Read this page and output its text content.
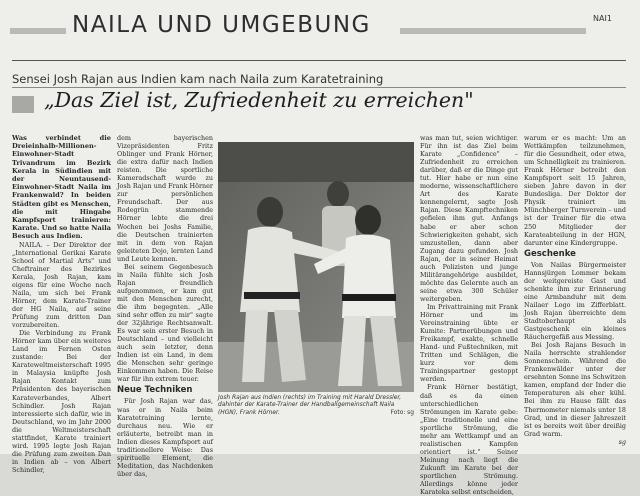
NAILA UND UMGEBUNG	NAI1
Sensei Josh Rajan aus Indien kam nach Naila zum Karatetraining
„Das Ziel ist, Zufriedenheit zu erreichen"

Was verbindet die Dreieinhalb-Millionen-Einwohner-Stadt Trivandrum im Bezirk Kerala in Südindien mit der Neuntausend-Einwohner-Stadt Naila im Frankenwald? In beiden Städten gibt es Menschen, die mit Hingabe Kampfsport trainieren: Karate. Und so hatte Naila Besuch aus Indien.

NAILA. – Der Direktor der „International Gerikai Karate School of Martial Arts" und Cheftrainer des Bezirkes Kerala, Josh Rajan, kam eigens für eine Woche nach Naila, um sich bei Frank Hörner, dem Karate-Trainer der HG Naila, auf seine Prüfung zum dritten Dan vorzubereiten.

Die Verbindung zu Frank Hörner kam über ein weiteres Land im Fernen Osten zustande: Bei der Karateweltmeisterschaft 1995 in Malaysia knüpfte Josh Rajan Kontakt zum Präsidenten des bayerischen Karateverbandes, Albert Schindler. Josh Rajan interessierte sich dafür, wie in Deutschland, wo im Jahr 2000 die Weltmeisterschaft stattfindet, Karate trainiert wird. 1995 legte Josh Rajan die Prüfung zum zweiten Dan in Indien ab – von Albert Schindler,

dem bayerischen Vizepräsidenten Fritz Oblinger und Frank Hörner, die extra dafür nach Indien reisten. Die sportliche Kameradschaft wurde zu Josh Rajan und Frank Hörner zur persönlichen Freundschaft. Der aus Rodegrün stammende Hörner lebte die drei Wochen bei Joshs Familie, die Deutschen trainierten mit in dem von Rajan geleiteten Dojo, lernten Land und Leute kennen.

Bei seinem Gegenbesuch in Naila fühlte sich Josh Rajan freundlich aufgenommen, er kam gut mit den Menschen zurecht, die ihm begegnten. „Alle sind sehr offen zu mir" sagte der 32jährige Rechtsanwalt. Es war sein erster Besuch in Deutschland – und vielleicht auch sein letzter, denn Indien ist ein Land, in dem die Menschen sehr geringe Einkommen haben. Die Reise war für ihn extrem teuer.

Neue Techniken

Für Josh Rajan war das, was er in Naila beim Karatetraining lernte, durchaus neu. Wie er erläuterte, betreibt man in Indien dieses Kampfsport auf traditionellere Weise: Das spirituelle Element, die Meditation, das Nachdenken über das,

Josh Rajan aus Indien (rechts) im Training mit Harald Dressler, dahinter der Karate-Trainer der Handballgemeinschaft Naila (HGN), Frank Hörner.	Foto: sg

was man tut, seien wichtiger. Für ihn ist das Ziel beim Karate „Confidence" – Zufriedenheit zu erreichen darüber, daß er die Dinge gut tut. Hier habe er nun eine moderne, wissenschaftlichere Art des Karate kennengelernt, sagte Josh Rajan. Diese Kampftechniken gefielen ihm gut. Anfangs habe er aber schon Schwierigkeiten gehabt, sich umzustellen, dann aber Zugang dazu gefunden. Josh Rajan, der in seiner Heimat auch Polizisten und junge Militärangehörige ausbildet, möchte das Gelernte auch an seine etwa 300 Schüler weitergeben.

Im Privattraining mit Frank Hörner und im Vereinstraining übte er Kumite: Partnerübungen und Freikampf, exakte, schnelle Hand- und Fußtechniken, mit Tritten und Schlägen, die kurz vor dem Trainingspartner gestoppt werden.

Frank Hörner bestätigt, daß es da einen unterschiedlichen Strömungen im Karate gebe: „Eine traditionelle und eine sportliche Strömung, die mehr am Wettkampf und an realistischen Kampfen orientiert ist." Seiner Meinung nach liegt die Zukunft im Karate bei der sportlichen Strömung. Allerdings könne jeder Karateka selbst entscheiden,

warum er es macht: Um an Wettkämpfen teilzunehmen, für die Gesundheit, oder etwa, um Schnelligkeit zu trainieren. Frank Hörner betreibt den Kampfsport seit 15 Jahren, sieben Jahre davon in der Bundesliga. Der Doktor der Physik trainiert im Münchberger Turnverein – und ist der Trainer für die etwa 250 Mitglieder der Karateabteilung in der HGN, darunter eine Kindergruppe.

Geschenke

Von Nailas Bürgermeister Hannsjürgen Lommer bekam der weitgereiste Gast und schenkte ihm zur Erinnerung eine Armbanduhr mit dem Nailaer Logo im Zifferblatt. Josh Rajan überreichte dem Stadtoberhaupt als Gastgeschenk ein kleines Räuchergefäß aus Messing.

Bei Josh Rajans Besuch in Naila herrschte strahlender Sonnenschein. Während die Frankenwälder unter der ersehnten Sonne ins Schwitzen kamen, empfand der Inder die Temperaturen als eher kühl. Bei ihm zu Hause fällt das Thermometer niemals unter 18 Grad, und in dieser Jahreszeit ist es bereits weit über dreißig Grad warm.

sg
